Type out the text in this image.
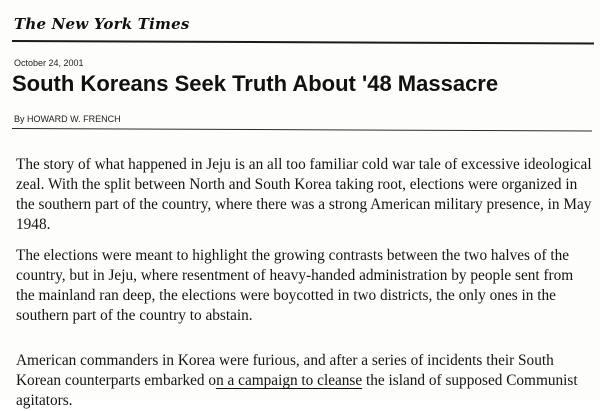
The New York Times
October 24, 2001
South Koreans Seek Truth About '48 Massacre
By HOWARD W. FRENCH

The story of what happened in Jeju is an all too familiar cold war tale of excessive ideological zeal. With the split between North and South Korea taking root, elections were organized in the southern part of the country, where there was a strong American military presence, in May 1948.

The elections were meant to highlight the growing contrasts between the two halves of the country, but in Jeju, where resentment of heavy-handed administration by people sent from the mainland ran deep, the elections were boycotted in two districts, the only ones in the southern part of the country to abstain.

American commanders in Korea were furious, and after a series of incidents their South Korean counterparts embarked on a campaign to cleanse the island of supposed Communist agitators.
